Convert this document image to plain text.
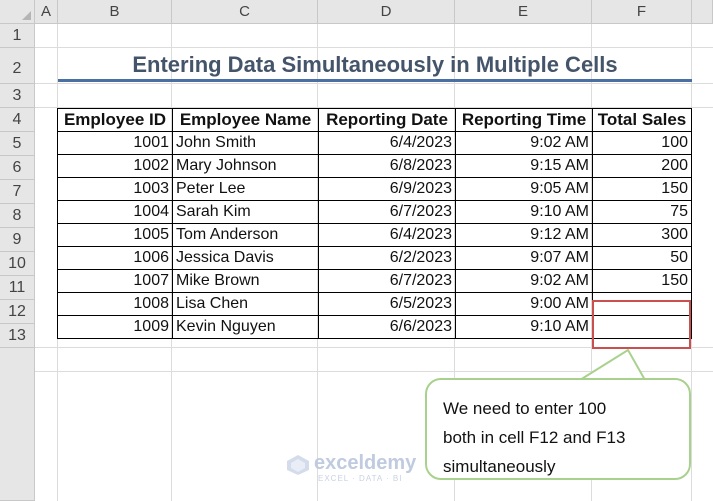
A	B	C	D	E	F
1
2
3
4
5
6
7
8
9
10
11
12
13
Entering Data Simultaneously in Multiple Cells
Employee ID	Employee Name	Reporting Date	Reporting Time	Total Sales
1001	John Smith	6/4/2023	9:02 AM	100
1002	Mary Johnson	6/8/2023	9:15 AM	200
1003	Peter Lee	6/9/2023	9:05 AM	150
1004	Sarah Kim	6/7/2023	9:10 AM	75
1005	Tom Anderson	6/4/2023	9:12 AM	300
1006	Jessica Davis	6/2/2023	9:07 AM	50
1007	Mike Brown	6/7/2023	9:02 AM	150
1008	Lisa Chen	6/5/2023	9:00 AM	
1009	Kevin Nguyen	6/6/2023	9:10 AM	
We need to enter 100
both in cell F12 and F13
simultaneously
exceldemy
EXCEL · DATA · BI
